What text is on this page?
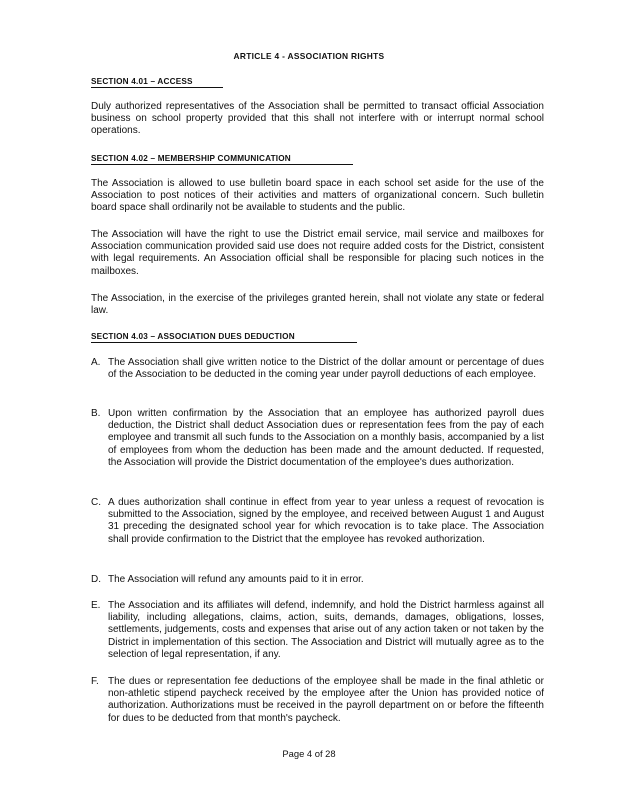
ARTICLE 4 - ASSOCIATION RIGHTS
SECTION 4.01 – ACCESS
Duly authorized representatives of the Association shall be permitted to transact official Association business on school property provided that this shall not interfere with or interrupt normal school operations.
SECTION 4.02 – MEMBERSHIP COMMUNICATION
The Association is allowed to use bulletin board space in each school set aside for the use of the Association to post notices of their activities and matters of organizational concern. Such bulletin board space shall ordinarily not be available to students and the public.
The Association will have the right to use the District email service, mail service and mailboxes for Association communication provided said use does not require added costs for the District, consistent with legal requirements. An Association official shall be responsible for placing such notices in the mailboxes.
The Association, in the exercise of the privileges granted herein, shall not violate any state or federal law.
SECTION 4.03 – ASSOCIATION DUES DEDUCTION
A. The Association shall give written notice to the District of the dollar amount or percentage of dues of the Association to be deducted in the coming year under payroll deductions of each employee.
B. Upon written confirmation by the Association that an employee has authorized payroll dues deduction, the District shall deduct Association dues or representation fees from the pay of each employee and transmit all such funds to the Association on a monthly basis, accompanied by a list of employees from whom the deduction has been made and the amount deducted. If requested, the Association will provide the District documentation of the employee's dues authorization.
C. A dues authorization shall continue in effect from year to year unless a request of revocation is submitted to the Association, signed by the employee, and received between August 1 and August 31 preceding the designated school year for which revocation is to take place. The Association shall provide confirmation to the District that the employee has revoked authorization.
D. The Association will refund any amounts paid to it in error.
E. The Association and its affiliates will defend, indemnify, and hold the District harmless against all liability, including allegations, claims, action, suits, demands, damages, obligations, losses, settlements, judgements, costs and expenses that arise out of any action taken or not taken by the District in implementation of this section. The Association and District will mutually agree as to the selection of legal representation, if any.
F. The dues or representation fee deductions of the employee shall be made in the final athletic or non-athletic stipend paycheck received by the employee after the Union has provided notice of authorization. Authorizations must be received in the payroll department on or before the fifteenth for dues to be deducted from that month's paycheck.
Page 4 of 28
